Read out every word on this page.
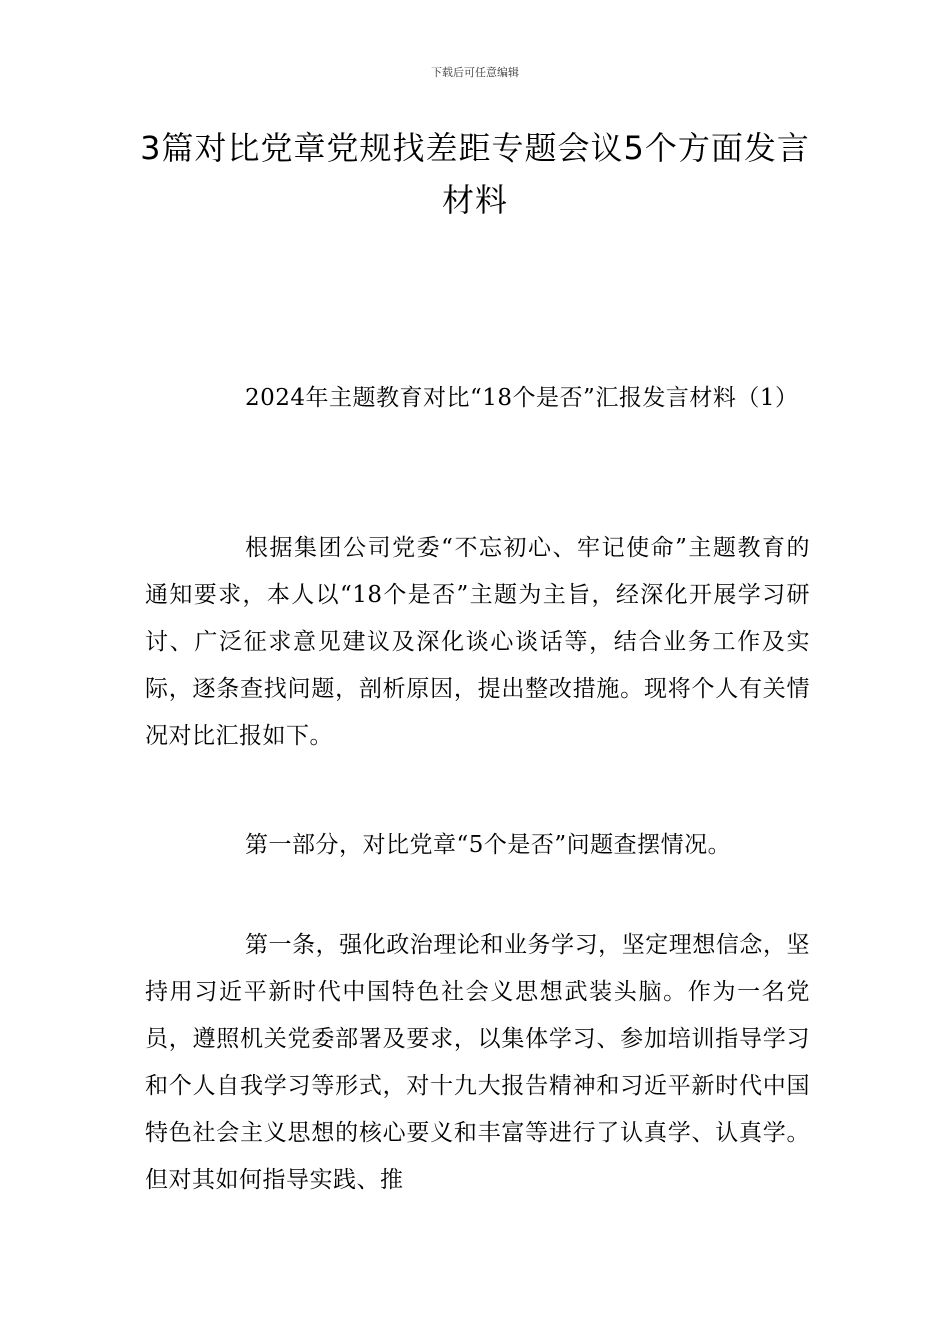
下载后可任意编辑
3篇对比党章党规找差距专题会议5个方面发言材料

2024年主题教育对比“18个是否”汇报发言材料（1）

根据集团公司党委“不忘初心、牢记使命”主题教育的通知要求，本人以“18个是否”主题为主旨，经深化开展学习研讨、广泛征求意见建议及深化谈心谈话等，结合业务工作及实际，逐条查找问题，剖析原因，提出整改措施。现将个人有关情况对比汇报如下。

第一部分，对比党章“5个是否”问题查摆情况。

第一条，强化政治理论和业务学习，坚定理想信念，坚持用习近平新时代中国特色社会义思想武装头脑。作为一名党员，遵照机关党委部署及要求，以集体学习、参加培训指导学习和个人自我学习等形式，对十九大报告精神和习近平新时代中国特色社会主义思想的核心要义和丰富等进行了认真学、认真学。但对其如何指导实践、推
